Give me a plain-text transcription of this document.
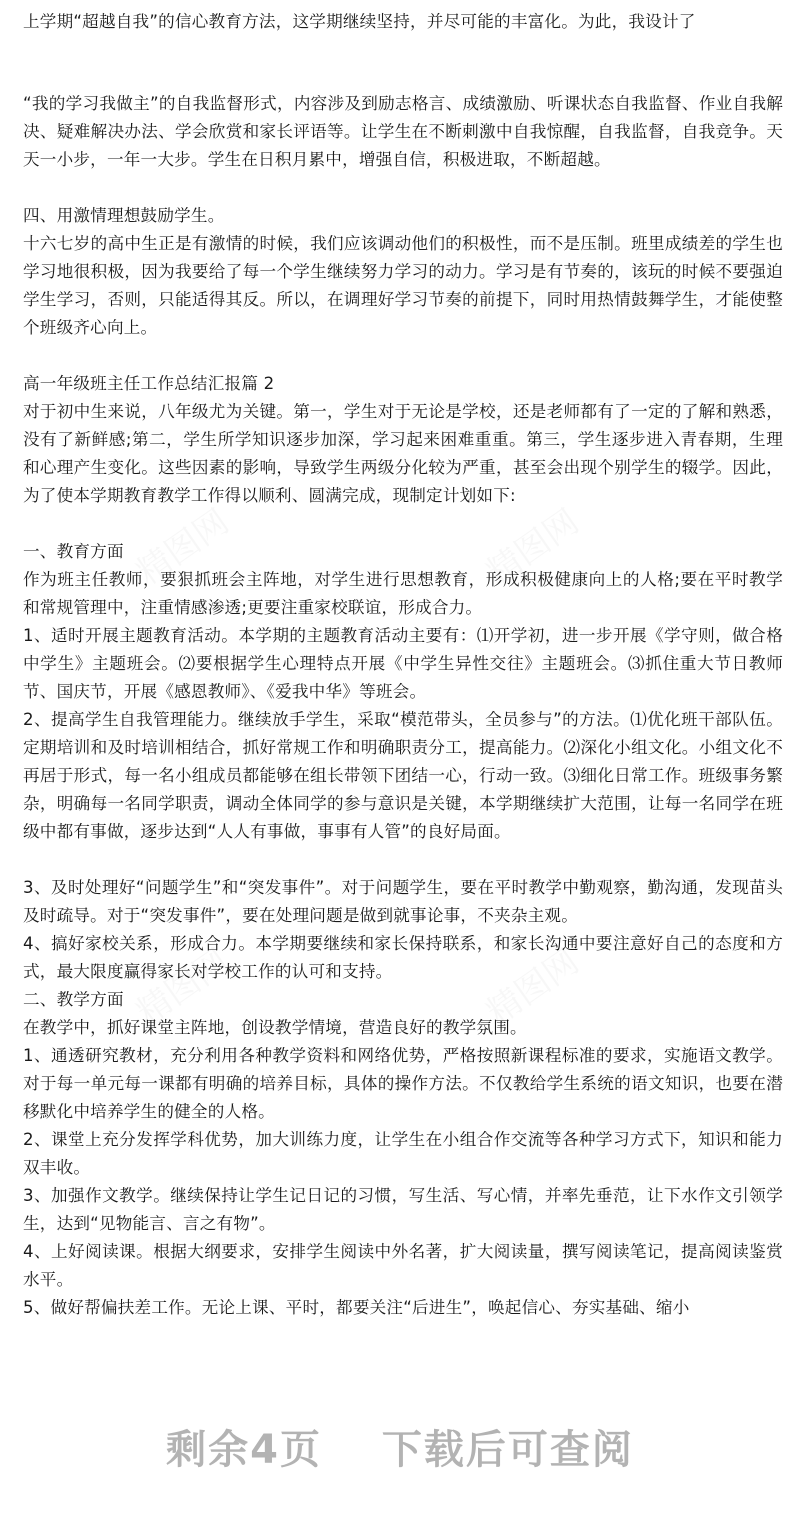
精图网	精图网
精图网	精图网

上学期“超越自我”的信心教育方法，这学期继续坚持，并尽可能的丰富化。为此，我设计了

“我的学习我做主”的自我监督形式，内容涉及到励志格言、成绩激励、听课状态自我监督、作业自我解决、疑难解决办法、学会欣赏和家长评语等。让学生在不断刺激中自我惊醒，自我监督，自我竞争。天天一小步，一年一大步。学生在日积月累中，增强自信，积极进取，不断超越。

四、用激情理想鼓励学生。

十六七岁的高中生正是有激情的时候，我们应该调动他们的积极性，而不是压制。班里成绩差的学生也学习地很积极，因为我要给了每一个学生继续努力学习的动力。学习是有节奏的，该玩的时候不要强迫学生学习，否则，只能适得其反。所以，在调理好学习节奏的前提下，同时用热情鼓舞学生，才能使整个班级齐心向上。

高一年级班主任工作总结汇报篇 2

对于初中生来说，八年级尤为关键。第一，学生对于无论是学校，还是老师都有了一定的了解和熟悉，没有了新鲜感;第二，学生所学知识逐步加深，学习起来困难重重。第三，学生逐步进入青春期，生理和心理产生变化。这些因素的影响，导致学生两级分化较为严重，甚至会出现个别学生的辍学。因此，为了使本学期教育教学工作得以顺利、圆满完成，现制定计划如下:

一、教育方面

作为班主任教师，要狠抓班会主阵地，对学生进行思想教育，形成积极健康向上的人格;要在平时教学和常规管理中，注重情感渗透;更要注重家校联谊，形成合力。

1、适时开展主题教育活动。本学期的主题教育活动主要有：⑴开学初，进一步开展《学守则，做合格中学生》主题班会。⑵要根据学生心理特点开展《中学生异性交往》主题班会。⑶抓住重大节日教师节、国庆节，开展《感恩教师》、《爱我中华》等班会。

2、提高学生自我管理能力。继续放手学生，采取“模范带头，全员参与”的方法。⑴优化班干部队伍。定期培训和及时培训相结合，抓好常规工作和明确职责分工，提高能力。⑵深化小组文化。小组文化不再居于形式，每一名小组成员都能够在组长带领下团结一心，行动一致。⑶细化日常工作。班级事务繁杂，明确每一名同学职责，调动全体同学的参与意识是关键，本学期继续扩大范围，让每一名同学在班级中都有事做，逐步达到“人人有事做，事事有人管”的良好局面。

3、及时处理好“问题学生”和“突发事件”。对于问题学生，要在平时教学中勤观察，勤沟通，发现苗头及时疏导。对于“突发事件”，要在处理问题是做到就事论事，不夹杂主观。

4、搞好家校关系，形成合力。本学期要继续和家长保持联系，和家长沟通中要注意好自己的态度和方式，最大限度赢得家长对学校工作的认可和支持。

二、教学方面

在教学中，抓好课堂主阵地，创设教学情境，营造良好的教学氛围。

1、通透研究教材，充分利用各种教学资料和网络优势，严格按照新课程标准的要求，实施语文教学。对于每一单元每一课都有明确的培养目标，具体的操作方法。不仅教给学生系统的语文知识，也要在潜移默化中培养学生的健全的人格。

2、课堂上充分发挥学科优势，加大训练力度，让学生在小组合作交流等各种学习方式下，知识和能力双丰收。

3、加强作文教学。继续保持让学生记日记的习惯，写生活、写心情，并率先垂范，让下水作文引领学生，达到“见物能言、言之有物”。

4、上好阅读课。根据大纲要求，安排学生阅读中外名著，扩大阅读量，撰写阅读笔记，提高阅读鉴赏水平。

5、做好帮偏扶差工作。无论上课、平时，都要关注“后进生”，唤起信心、夯实基础、缩小

剩余4页 下载后可查阅
